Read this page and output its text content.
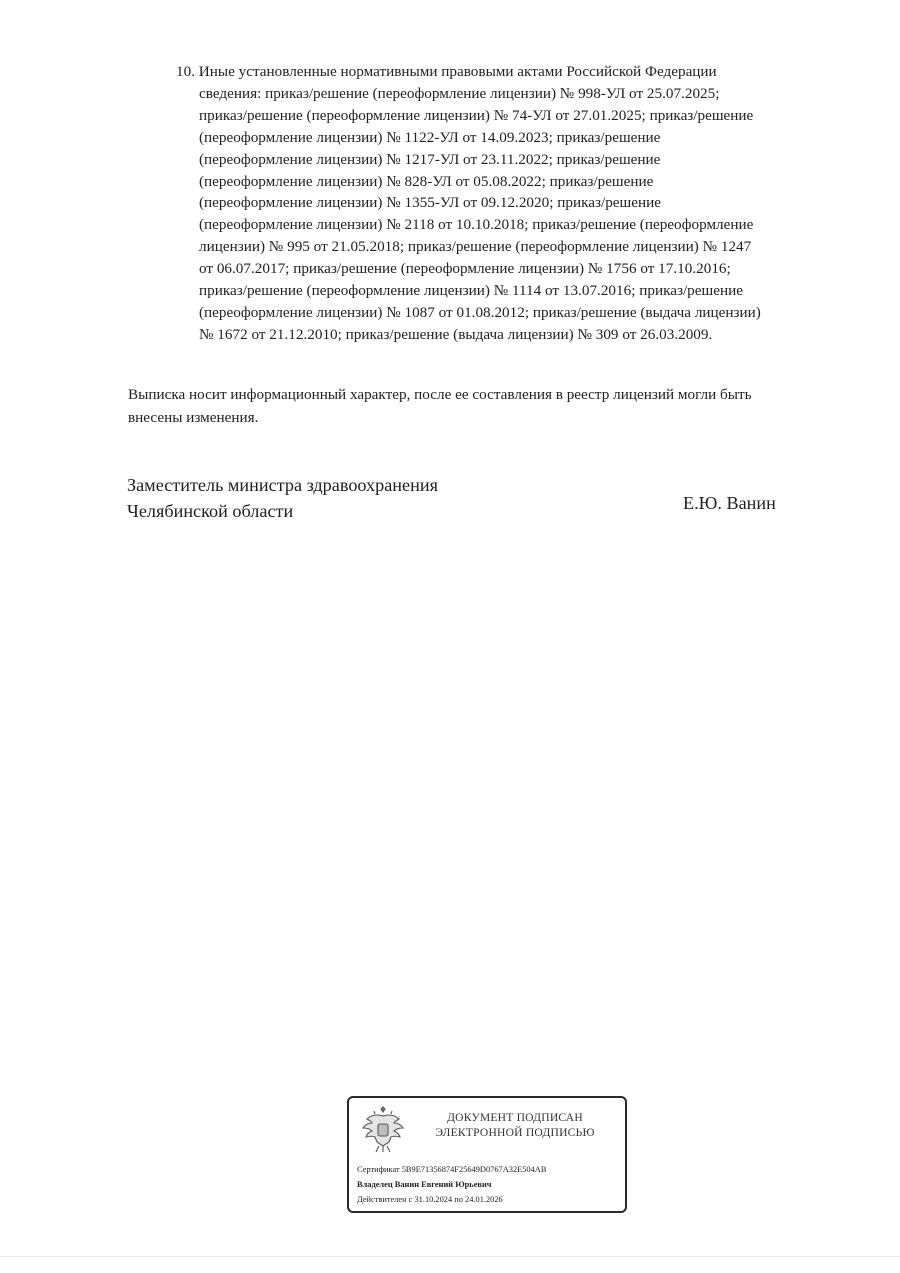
10. Иные установленные нормативными правовыми актами Российской Федерации
сведения: приказ/решение (переоформление лицензии) № 998-УЛ от 25.07.2025;
приказ/решение (переоформление лицензии) № 74-УЛ от 27.01.2025; приказ/решение
(переоформление лицензии) № 1122-УЛ от 14.09.2023; приказ/решение
(переоформление лицензии) № 1217-УЛ от 23.11.2022; приказ/решение
(переоформление лицензии) № 828-УЛ от 05.08.2022; приказ/решение
(переоформление лицензии) № 1355-УЛ от 09.12.2020; приказ/решение
(переоформление лицензии) № 2118 от 10.10.2018; приказ/решение (переоформление
лицензии) № 995 от 21.05.2018; приказ/решение (переоформление лицензии) № 1247
от 06.07.2017; приказ/решение (переоформление лицензии) № 1756 от 17.10.2016;
приказ/решение (переоформление лицензии) № 1114 от 13.07.2016; приказ/решение
(переоформление лицензии) № 1087 от 01.08.2012; приказ/решение (выдача лицензии)
№ 1672 от 21.12.2010; приказ/решение (выдача лицензии) № 309 от 26.03.2009.
Выписка носит информационный характер, после ее составления в реестр лицензий могли быть
внесены изменения.
Заместитель министра здравоохранения
Челябинской области	Е.Ю. Ванин
ДОКУМЕНТ ПОДПИСАН
ЭЛЕКТРОННОЙ ПОДПИСЬЮ
Сертификат 5B9E71356874F25649D0767A32E504AB
Владелец Ванин Евгений Юрьевич
Действителен с 31.10.2024 по 24.01.2026
